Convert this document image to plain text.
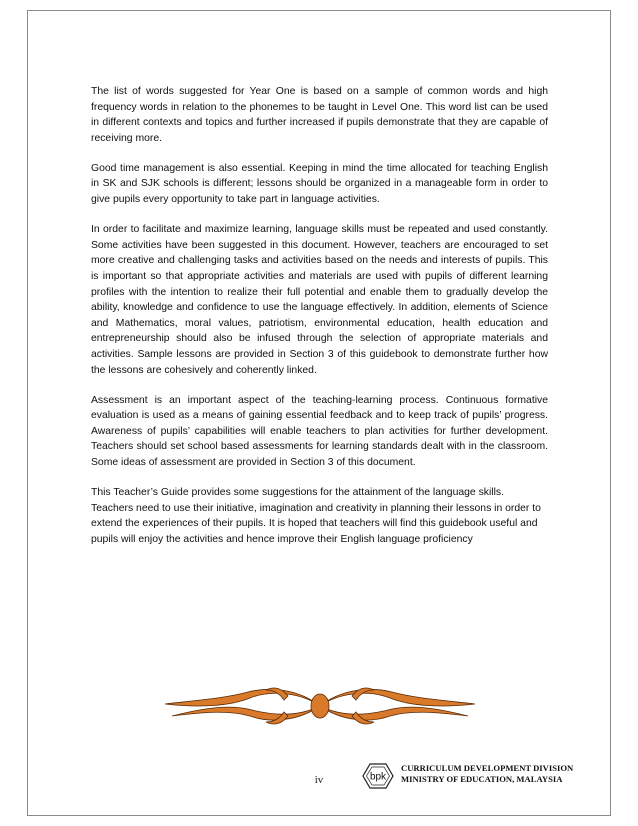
The list of words suggested for Year One is based on a sample of common words and high frequency words in relation to the phonemes to be taught in Level One. This word list can be used in different contexts and topics and further increased if pupils demonstrate that they are capable of receiving more.

Good time management is also essential. Keeping in mind the time allocated for teaching English in SK and SJK schools is different; lessons should be organized in a manageable form in order to give pupils every opportunity to take part in language activities.

In order to facilitate and maximize learning, language skills must be repeated and used constantly. Some activities have been suggested in this document. However, teachers are encouraged to set more creative and challenging tasks and activities based on the needs and interests of pupils. This is important so that appropriate activities and materials are used with pupils of different learning profiles with the intention to realize their full potential and enable them to gradually develop the ability, knowledge and confidence to use the language effectively. In addition, elements of Science and Mathematics, moral values, patriotism, environmental education, health education and entrepreneurship should also be infused through the selection of appropriate materials and activities. Sample lessons are provided in Section 3 of this guidebook to demonstrate further how the lessons are cohesively and coherently linked.

Assessment is an important aspect of the teaching-learning process. Continuous formative evaluation is used as a means of gaining essential feedback and to keep track of pupils’ progress. Awareness of pupils’ capabilities will enable teachers to plan activities for further development. Teachers should set school based assessments for learning standards dealt with in the classroom. Some ideas of assessment are provided in Section 3 of this document.

This Teacher’s Guide provides some suggestions for the attainment of the language skills. Teachers need to use their initiative, imagination and creativity in planning their lessons in order to extend the experiences of their pupils. It is hoped that teachers will find this guidebook useful and pupils will enjoy the activities and hence improve their English language proficiency

bpk
CURRICULUM DEVELOPMENT DIVISION
MINISTRY OF EDUCATION, MALAYSIA
iv
